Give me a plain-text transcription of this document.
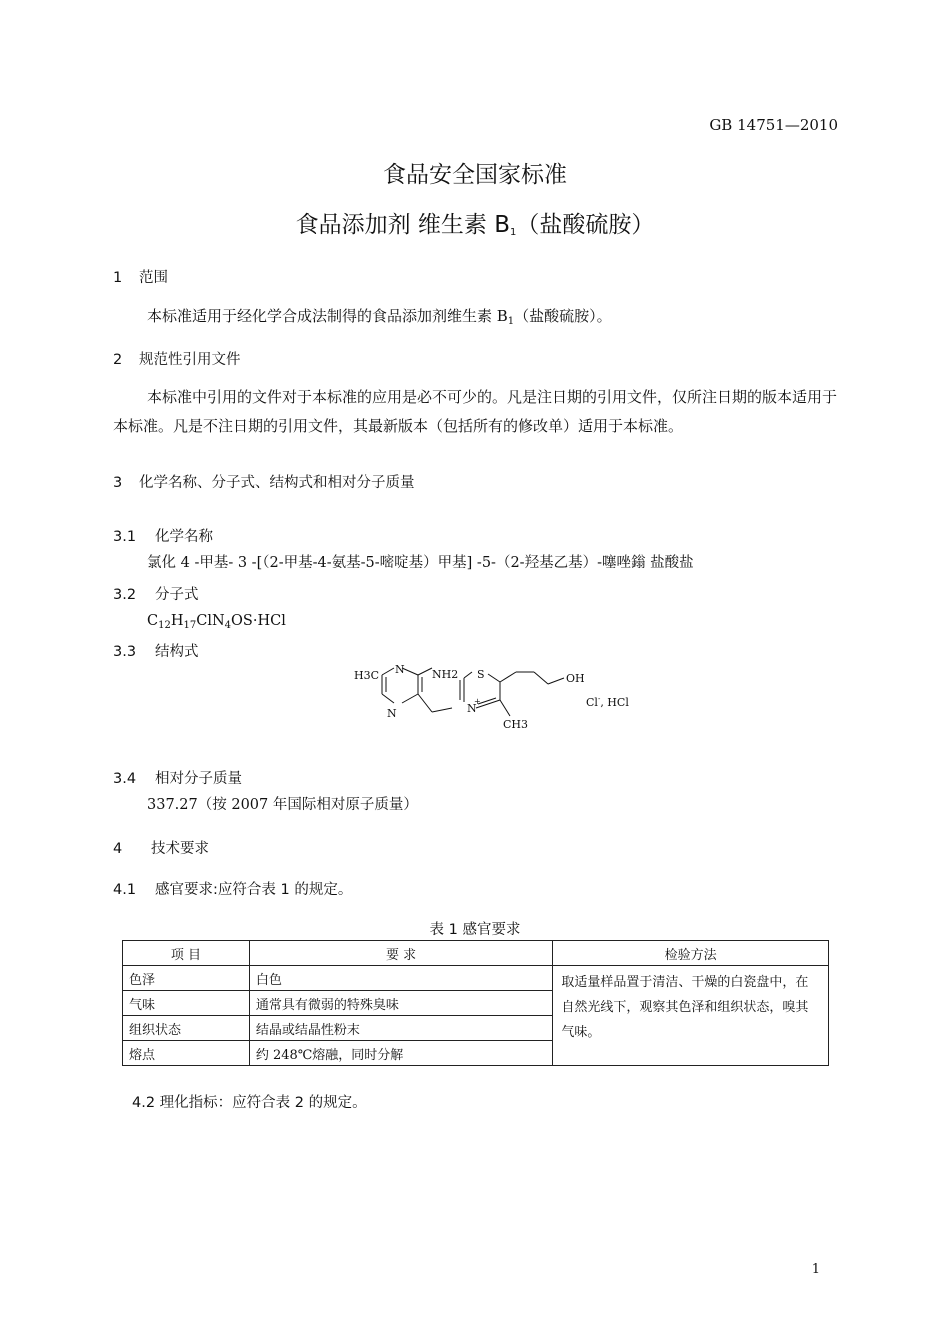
GB 14751—2010
食品安全国家标准
食品添加剂 维生素 $B_1$（盐酸硫胺）
1 范围
本标准适用于经化学合成法制得的食品添加剂维生素 $B_1$（盐酸硫胺）。
2 规范性引用文件
本标准中引用的文件对于本标准的应用是必不可少的。凡是注日期的引用文件，仅所注日期的版本适用于本标准。凡是不注日期的引用文件，其最新版本（包括所有的修改单）适用于本标准。
3 化学名称、分子式、结构式和相对分子质量
3.1 化学名称
氯化 4 -甲基- 3 -[（2-甲基-4-氨基-5-嘧啶基）甲基] -5-（2-羟基乙基）-噻唑鎓 盐酸盐
3.2 分子式
$C_{12}H_{17}ClN_4OS\cdot HCl$
3.3 结构式
H3C N
N
NH2 S
N
+
OH
CH3
Cl-, HCl
3.4 相对分子质量
337.27（按 2007 年国际相对原子质量）
4 技术要求
4.1 感官要求:应符合表 1 的规定。
表 1 感官要求
项 目	要 求	检验方法
色泽	白色	取适量样品置于清洁、干燥的白瓷盘中，在自然光线下，观察其色泽和组织状态，嗅其气味。
气味	通常具有微弱的特殊臭味	
组织状态	结晶或结晶性粉末	
熔点	约 248℃熔融，同时分解	
4.2 理化指标：应符合表 2 的规定。
1
